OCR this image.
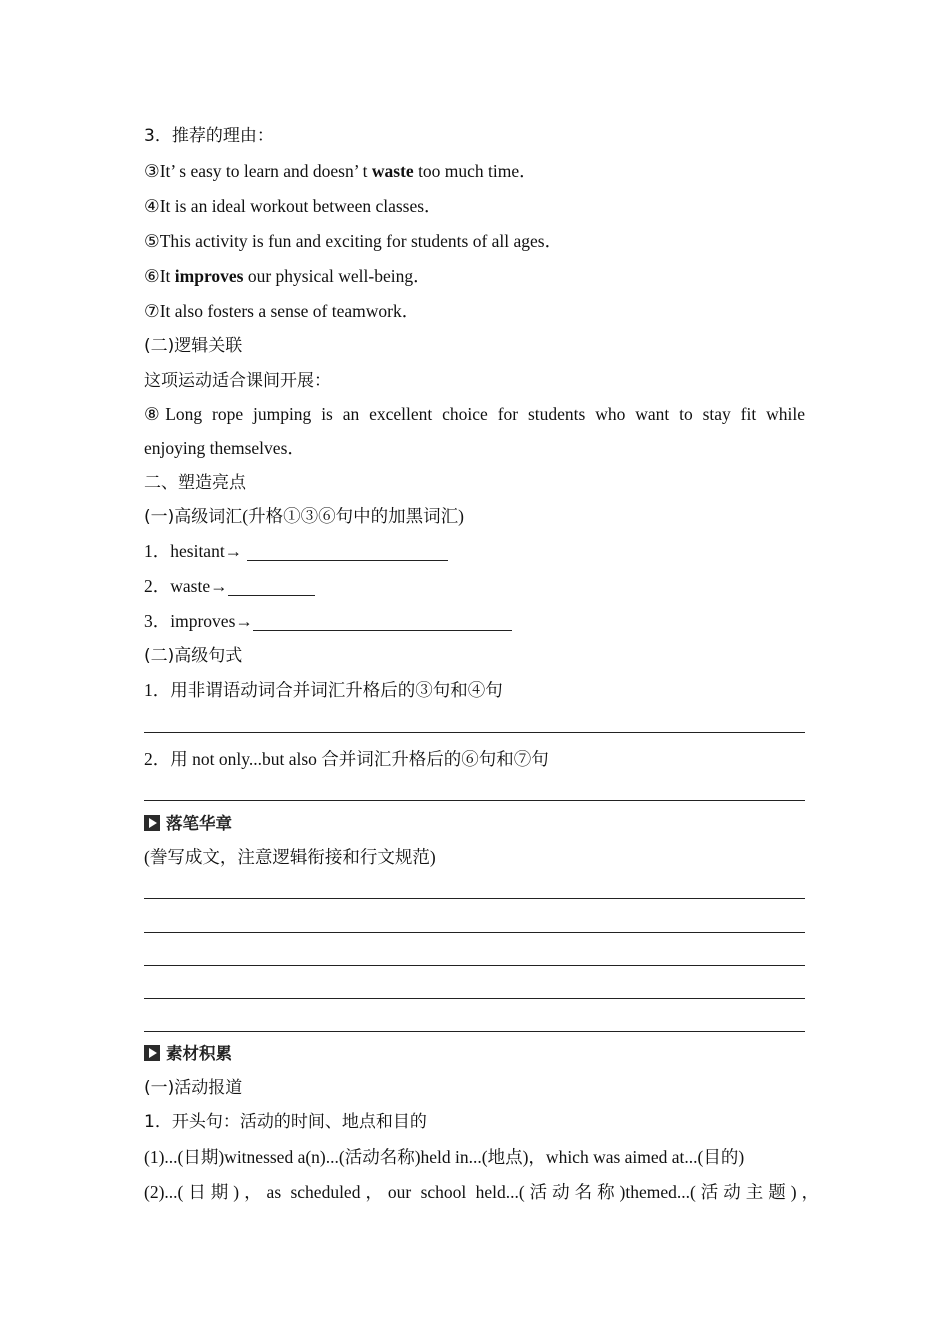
3．推荐的理由：
③It’ s easy to learn and doesn’ t waste too much time．
④It is an ideal workout between classes．
⑤This activity is fun and exciting for students of all ages．
⑥It improves our physical well-being．
⑦It also fosters a sense of teamwork．
(二)逻辑关联
这项运动适合课间开展：
⑧Long rope jumping is an excellent choice for students who want to stay fit while
enjoying themselves．
二、塑造亮点
(一)高级词汇(升格①③⑥句中的加黑词汇)
1．hesitant→
2．waste→
3．improves→
(二)高级句式
1．用非谓语动词合并词汇升格后的③句和④句
2．用 not only...but also 合并词汇升格后的⑥句和⑦句
落笔华章
(誊写成文，注意逻辑衔接和行文规范)
素材积累
(一)活动报道
1．开头句：活动的时间、地点和目的
(1)...(日期)witnessed a(n)...(活动名称)held in...(地点)，which was aimed at...(目的)
(2)...(日期)，as scheduled，our school held...(活动名称)themed...(活动主题)，
